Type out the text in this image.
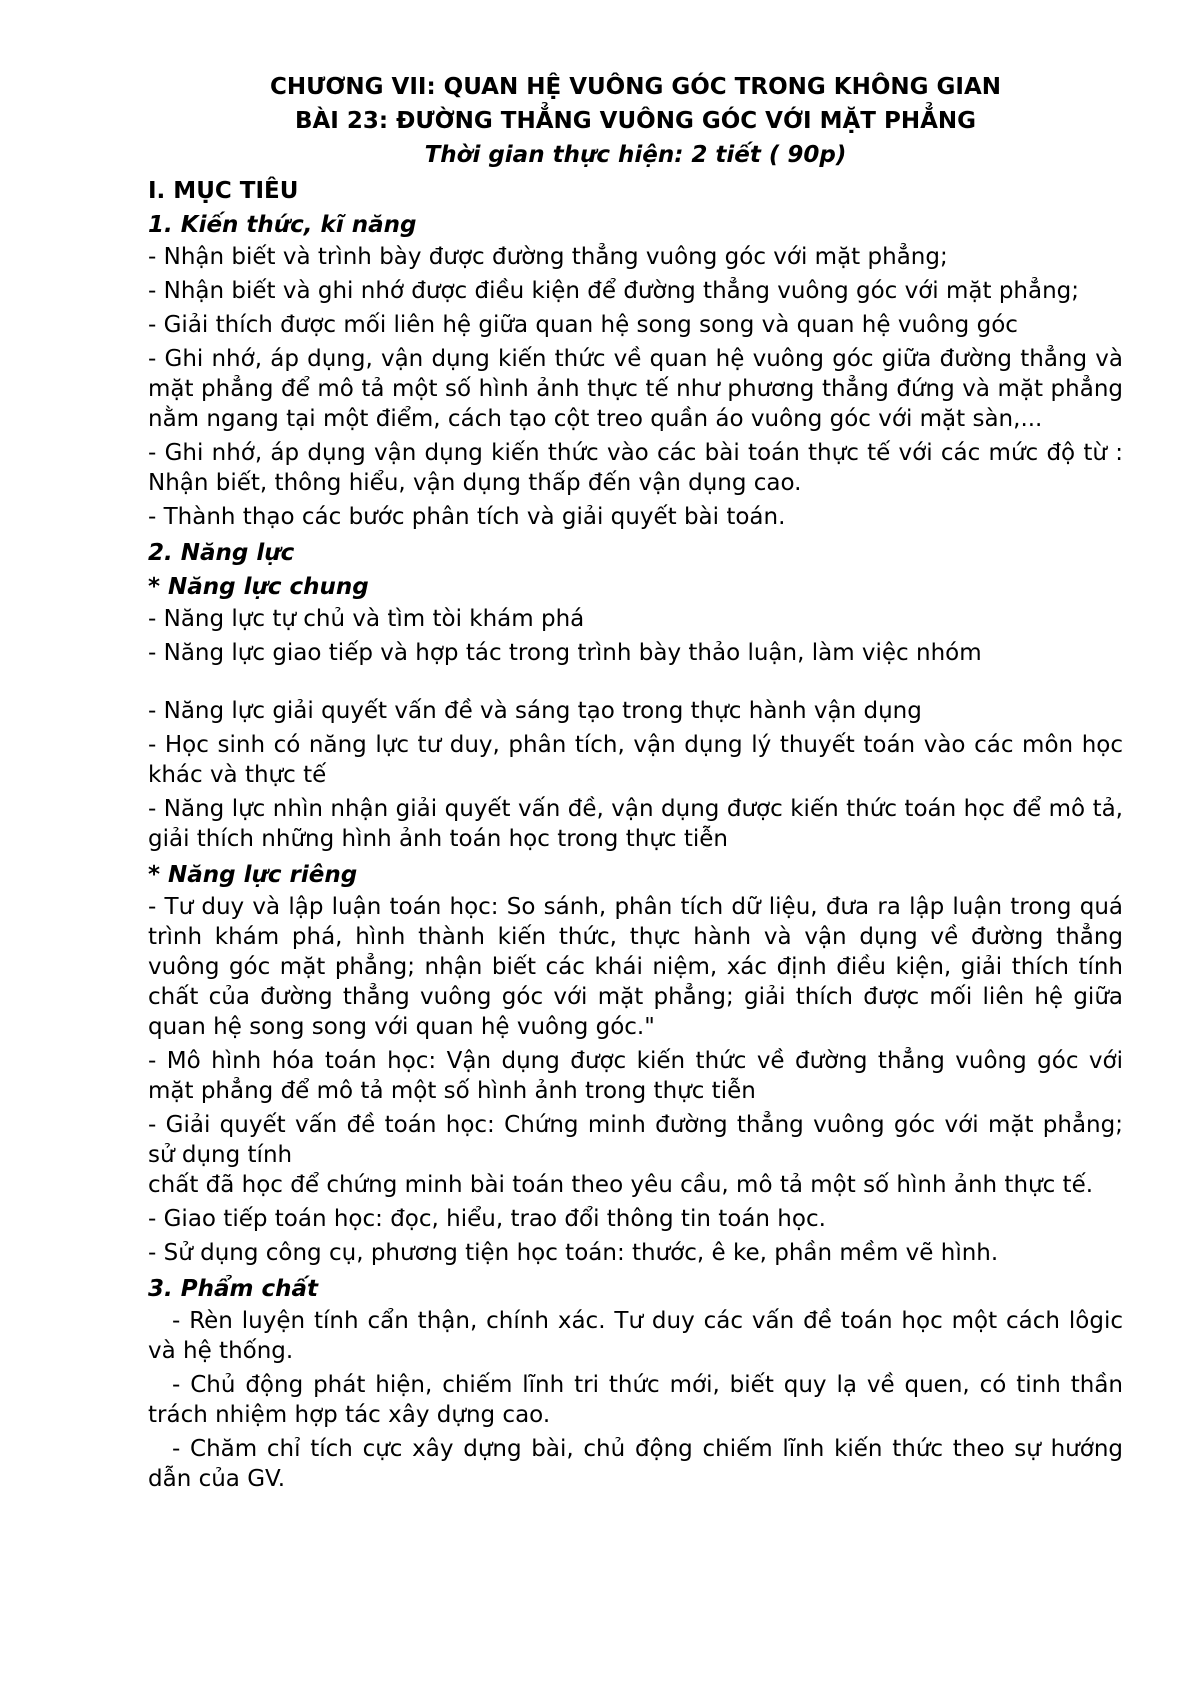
CHƯƠNG VII: QUAN HỆ VUÔNG GÓC TRONG KHÔNG GIAN
BÀI 23: ĐƯỜNG THẲNG VUÔNG GÓC VỚI MẶT PHẲNG
Thời gian thực hiện: 2 tiết ( 90p)
I. MỤC TIÊU
1. Kiến thức, kĩ năng

- Nhận biết và trình bày được đường thẳng vuông góc với mặt phẳng;

- Nhận biết và ghi nhớ được điều kiện để đường thẳng vuông góc với mặt phẳng;

- Giải thích được mối liên hệ giữa quan hệ song song và quan hệ vuông góc

- Ghi nhớ, áp dụng, vận dụng kiến thức về quan hệ vuông góc giữa đường thẳng và mặt phẳng để mô tả một số hình ảnh thực tế như phương thẳng đứng và mặt phẳng nằm ngang tại một điểm, cách tạo cột treo quần áo vuông góc với mặt sàn,...

- Ghi nhớ, áp dụng vận dụng kiến thức vào các bài toán thực tế với các mức độ từ : Nhận biết, thông hiểu, vận dụng thấp đến vận dụng cao.

- Thành thạo các bước phân tích và giải quyết bài toán.

2. Năng lực
* Năng lực chung

- Năng lực tự chủ và tìm tòi khám phá

- Năng lực giao tiếp và hợp tác trong trình bày thảo luận, làm việc nhóm

- Năng lực giải quyết vấn đề và sáng tạo trong thực hành vận dụng

- Học sinh có năng lực tư duy, phân tích, vận dụng lý thuyết toán vào các môn học khác và thực tế

- Năng lực nhìn nhận giải quyết vấn đề, vận dụng được kiến thức toán học để mô tả, giải thích những hình ảnh toán học trong thực tiễn

* Năng lực riêng

- Tư duy và lập luận toán học: So sánh, phân tích dữ liệu, đưa ra lập luận trong quá trình khám phá, hình thành kiến thức, thực hành và vận dụng về đường thẳng vuông góc mặt phẳng; nhận biết các khái niệm, xác định điều kiện, giải thích tính chất của đường thẳng vuông góc với mặt phẳng; giải thích được mối liên hệ giữa quan hệ song song với quan hệ vuông góc."

- Mô hình hóa toán học: Vận dụng được kiến thức về đường thẳng vuông góc với mặt phẳng để mô tả một số hình ảnh trong thực tiễn

- Giải quyết vấn đề toán học: Chứng minh đường thẳng vuông góc với mặt phẳng; sử dụng tính

chất đã học để chứng minh bài toán theo yêu cầu, mô tả một số hình ảnh thực tế.

- Giao tiếp toán học: đọc, hiểu, trao đổi thông tin toán học.

- Sử dụng công cụ, phương tiện học toán: thước, ê ke, phần mềm vẽ hình.

3. Phẩm chất

- Rèn luyện tính cẩn thận, chính xác. Tư duy các vấn đề toán học một cách lôgic và hệ thống.

- Chủ động phát hiện, chiếm lĩnh tri thức mới, biết quy lạ về quen, có tinh thần trách nhiệm hợp tác xây dựng cao.

- Chăm chỉ tích cực xây dựng bài, chủ động chiếm lĩnh kiến thức theo sự hướng dẫn của GV.
